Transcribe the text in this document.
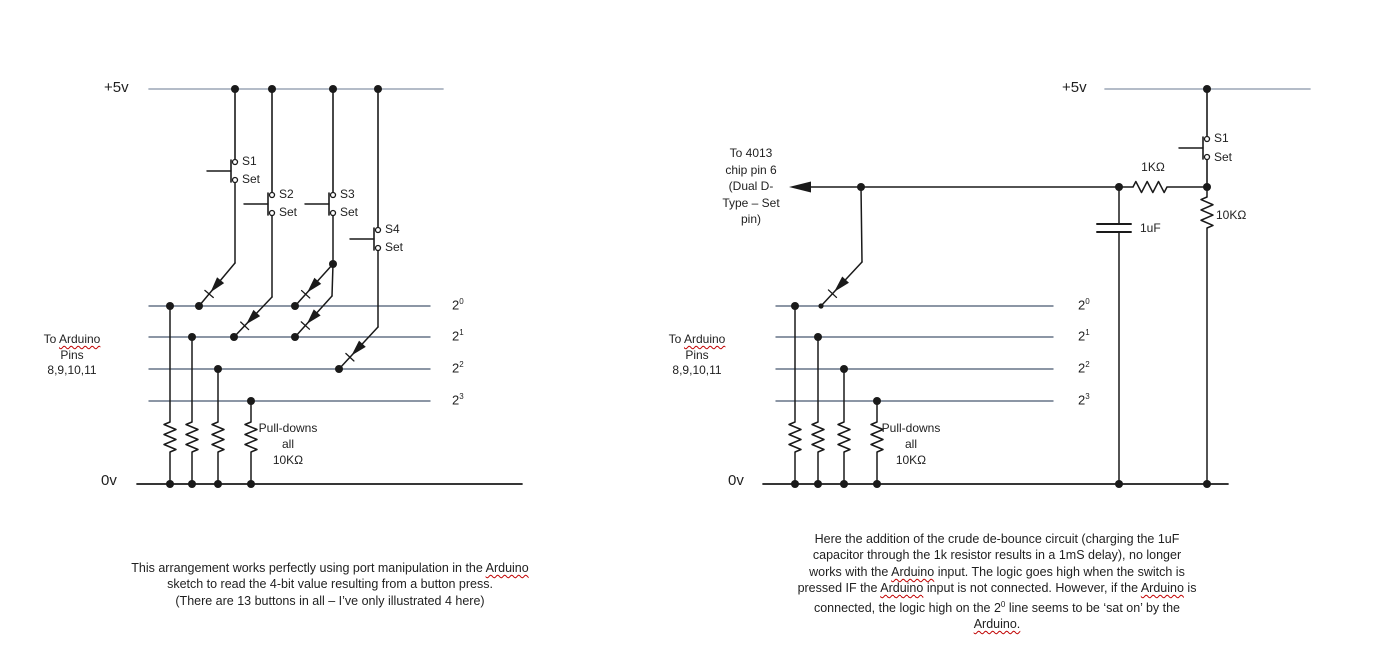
+5v
0v
To Arduino
Pins
8,9,10,11
S1
Set
S2
Set
S3
Set
S4
Set
$2^0$
$2^1$
$2^2$
$2^3$
Pull-downs
all
10KΩ
This arrangement works perfectly using port manipulation in the Arduino
sketch to read the 4-bit value resulting from a button press.
(There are 13 buttons in all – I’ve only illustrated 4 here)
+5v
0v
To 4013
chip pin 6
(Dual D-
Type – Set
pin)
To Arduino
Pins
8,9,10,11
S1
Set
1KΩ
10KΩ
1uF
$2^0$
$2^1$
$2^2$
$2^3$
Pull-downs
all
10KΩ
Here the addition of the crude de-bounce circuit (charging the 1uF
capacitor through the 1k resistor results in a 1mS delay), no longer
works with the Arduino input. The logic goes high when the switch is
pressed IF the Arduino input is not connected. However, if the Arduino is
connected, the logic high on the $2^0$ line seems to be ‘sat on’ by the
Arduino.
